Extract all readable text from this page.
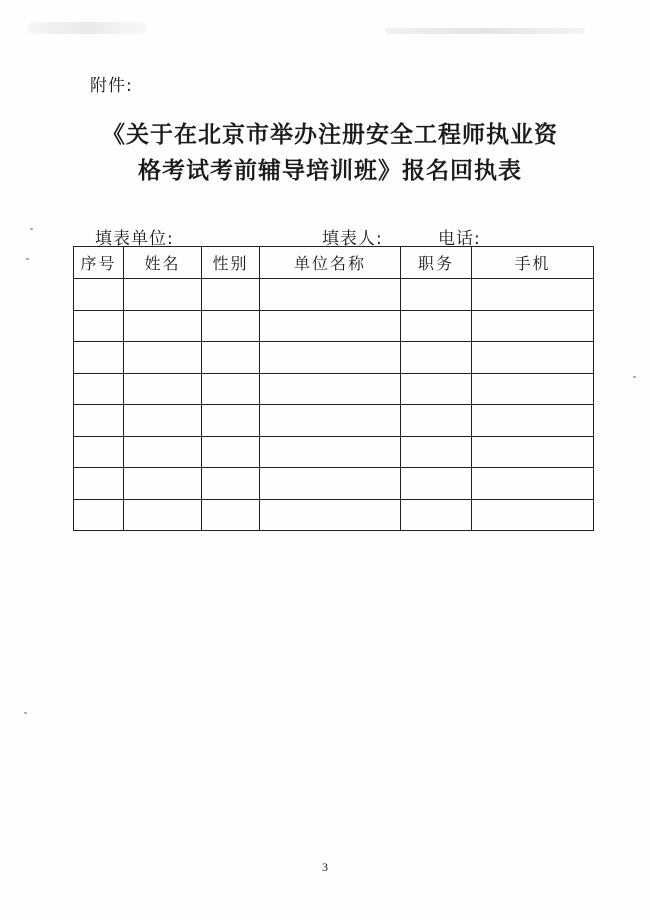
附件:
《关于在北京市举办注册安全工程师执业资
格考试考前辅导培训班》报名回执表
填表单位:	填表人:	电话:
序号	姓名	性别	单位名称	职务	手机

3
